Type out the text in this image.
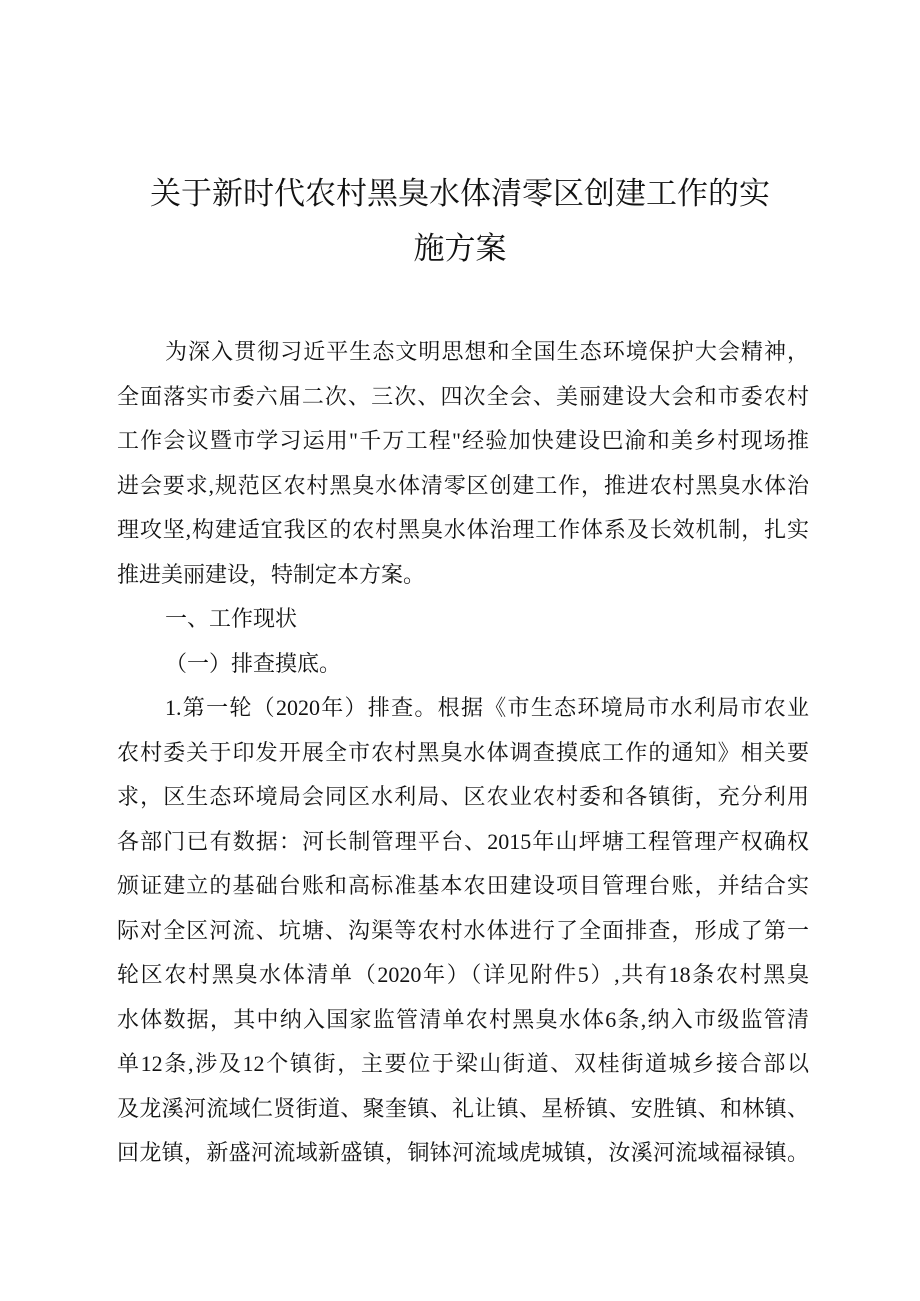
关于新时代农村黑臭水体清零区创建工作的实
施方案
为深入贯彻习近平生态文明思想和全国生态环境保护大会精神，
全面落实市委六届二次、三次、四次全会、美丽建设大会和市委农村
工作会议暨市学习运用"千万工程"经验加快建设巴渝和美乡村现场推
进会要求,规范区农村黑臭水体清零区创建工作，推进农村黑臭水体治
理攻坚,构建适宜我区的农村黑臭水体治理工作体系及长效机制，扎实
推进美丽建设，特制定本方案。
一、工作现状
（一）排查摸底。
1.第一轮（2020年）排查。根据《市生态环境局市水利局市农业
农村委关于印发开展全市农村黑臭水体调查摸底工作的通知》相关要
求，区生态环境局会同区水利局、区农业农村委和各镇街，充分利用
各部门已有数据：河长制管理平台、2015年山坪塘工程管理产权确权
颁证建立的基础台账和高标准基本农田建设项目管理台账，并结合实
际对全区河流、坑塘、沟渠等农村水体进行了全面排查，形成了第一
轮区农村黑臭水体清单（2020年）（详见附件5）,共有18条农村黑臭
水体数据，其中纳入国家监管清单农村黑臭水体6条,纳入市级监管清
单12条,涉及12个镇街，主要位于梁山街道、双桂街道城乡接合部以
及龙溪河流域仁贤街道、聚奎镇、礼让镇、星桥镇、安胜镇、和林镇、
回龙镇，新盛河流域新盛镇，铜钵河流域虎城镇，汝溪河流域福禄镇。
